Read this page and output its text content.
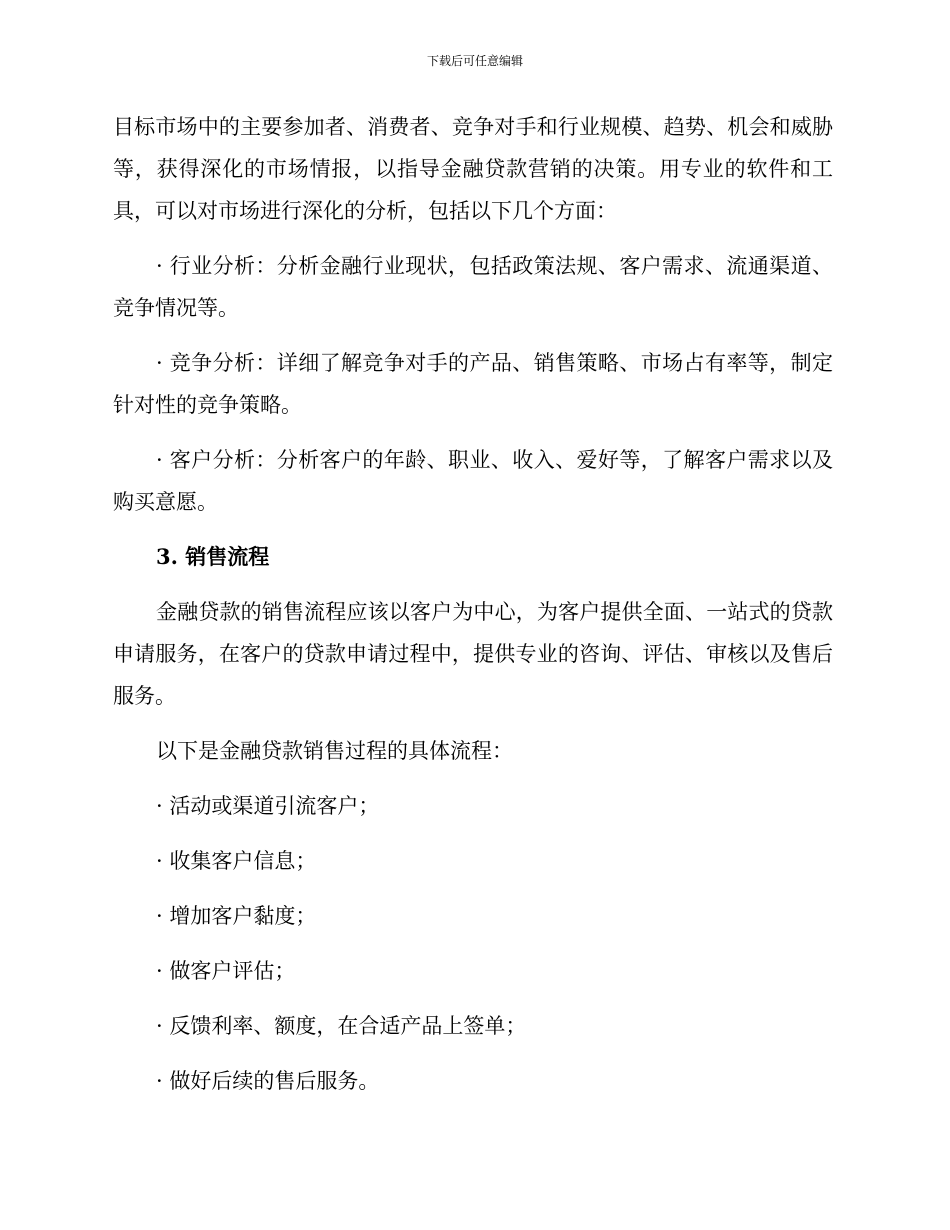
下载后可任意编辑

目标市场中的主要参加者、消费者、竞争对手和行业规模、趋势、机会和威胁等，获得深化的市场情报，以指导金融贷款营销的决策。用专业的软件和工具，可以对市场进行深化的分析，包括以下几个方面：

· 行业分析：分析金融行业现状，包括政策法规、客户需求、流通渠道、竞争情况等。

· 竞争分析：详细了解竞争对手的产品、销售策略、市场占有率等，制定针对性的竞争策略。

· 客户分析：分析客户的年龄、职业、收入、爱好等，了解客户需求以及购买意愿。

3. 销售流程

金融贷款的销售流程应该以客户为中心，为客户提供全面、一站式的贷款申请服务，在客户的贷款申请过程中，提供专业的咨询、评估、审核以及售后服务。

以下是金融贷款销售过程的具体流程：

· 活动或渠道引流客户；

· 收集客户信息；

· 增加客户黏度；

· 做客户评估；

· 反馈利率、额度，在合适产品上签单；

· 做好后续的售后服务。
